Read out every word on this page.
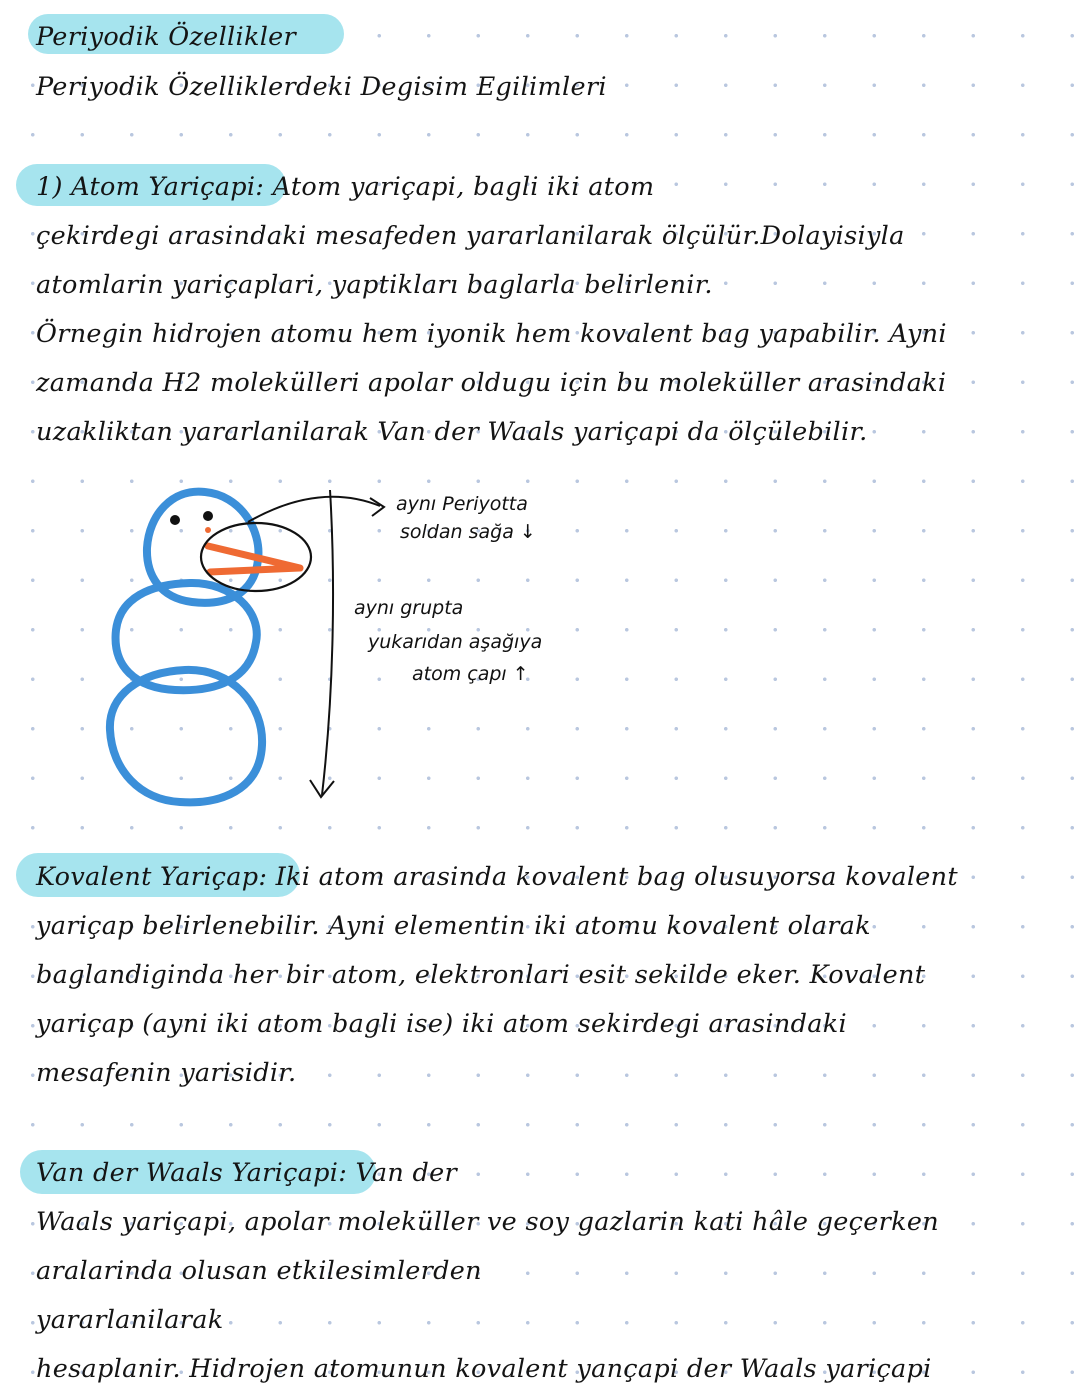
Periyodik Özellikler
Periyodik Özelliklerdeki Degisim Egilimleri
1) Atom Yariçapi: Atom yariçapi, bagli iki atom
çekirdegi arasindaki mesafeden yararlanilarak ölçülür.Dolayisiyla
atomlarin yariçaplari, yaptikları baglarla belirlenir.
Örnegin hidrojen atomu hem iyonik hem kovalent bag yapabilir. Ayni
zamanda H2 molekülleri apolar oldugu için bu moleküller arasindaki
uzakliktan yararlanilarak Van der Waals yariçapi da ölçülebilir.
aynı Periyotta
soldan sağa ↓
aynı grupta
yukarıdan aşağıya
atom çapı ↑
Kovalent Yariçap: Iki atom arasinda kovalent bag olusuyorsa kovalent
yariçap belirlenebilir. Ayni elementin iki atomu kovalent olarak
baglandiginda her bir atom, elektronlari esit sekilde eker. Kovalent
yariçap (ayni iki atom bagli ise) iki atom sekirdegi arasindaki
mesafenin yarisidir.
Van der Waals Yariçapi: Van der
Waals yariçapi, apolar moleküller ve soy gazlarin kati hâle geçerken
aralarinda olusan etkilesimlerden
yararlanilarak
hesaplanir. Hidrojen atomunun kovalent yançapi der Waals yariçapi
